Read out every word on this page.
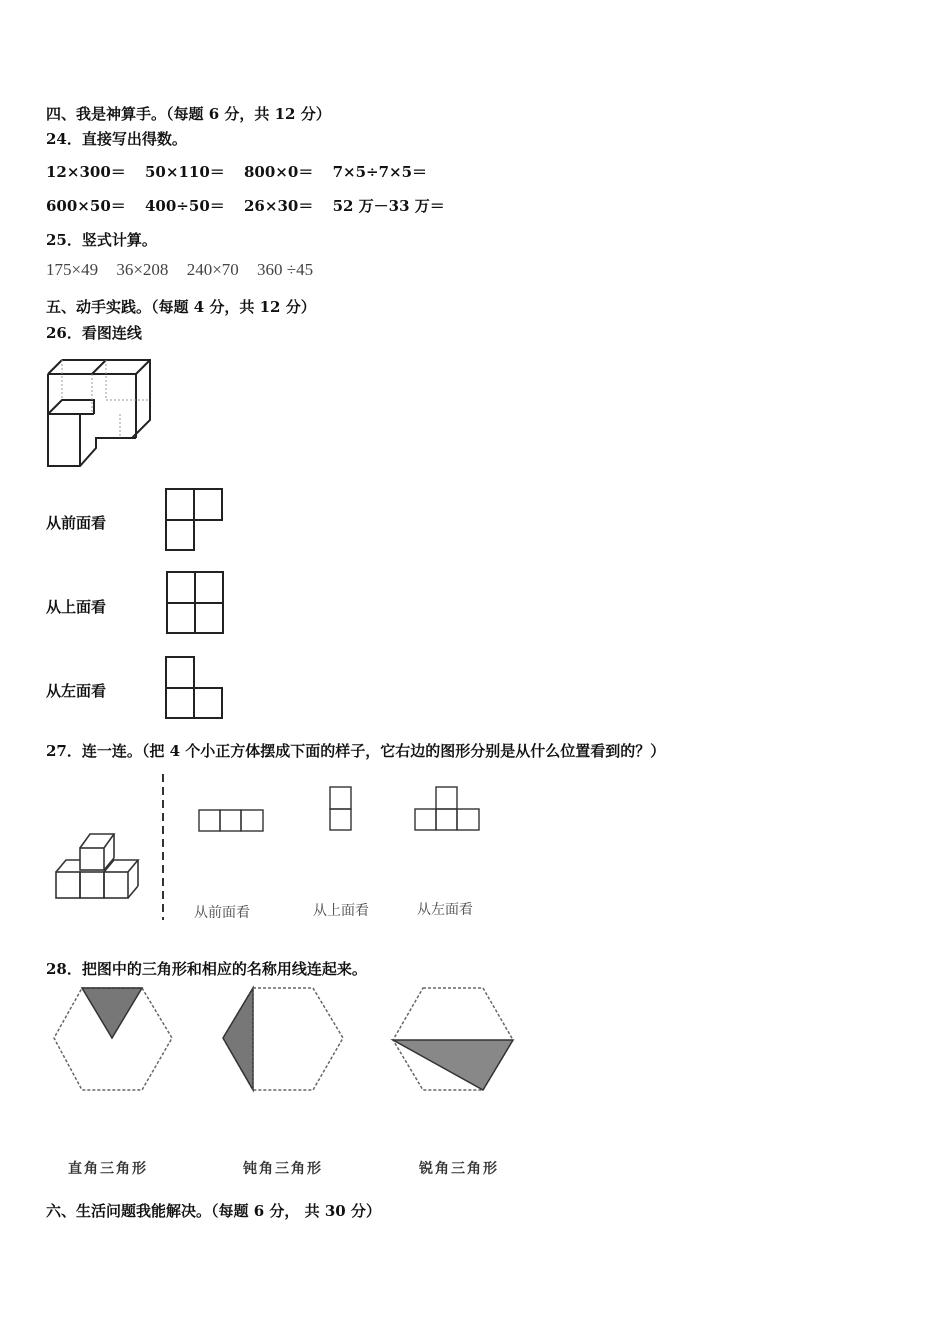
四、我是神算手。（每题 6 分，共 12 分）
24．直接写出得数。
12×300＝ 50×110＝ 800×0＝ 7×5÷7×5＝
600×50＝ 400÷50＝ 26×30＝ 52 万－33 万＝
25．竖式计算。
175×49 36×208 240×70 360 ÷45
五、动手实践。（每题 4 分，共 12 分）
26．看图连线
从前面看
从上面看
从左面看
27．连一连。（把 4 个小正方体摆成下面的样子，它右边的图形分别是从什么位置看到的？）
从前面看	从上面看	从左面看
28．把图中的三角形和相应的名称用线连起来。
直角三角形	钝角三角形	锐角三角形
六、生活问题我能解决。（每题 6 分， 共 30 分）
